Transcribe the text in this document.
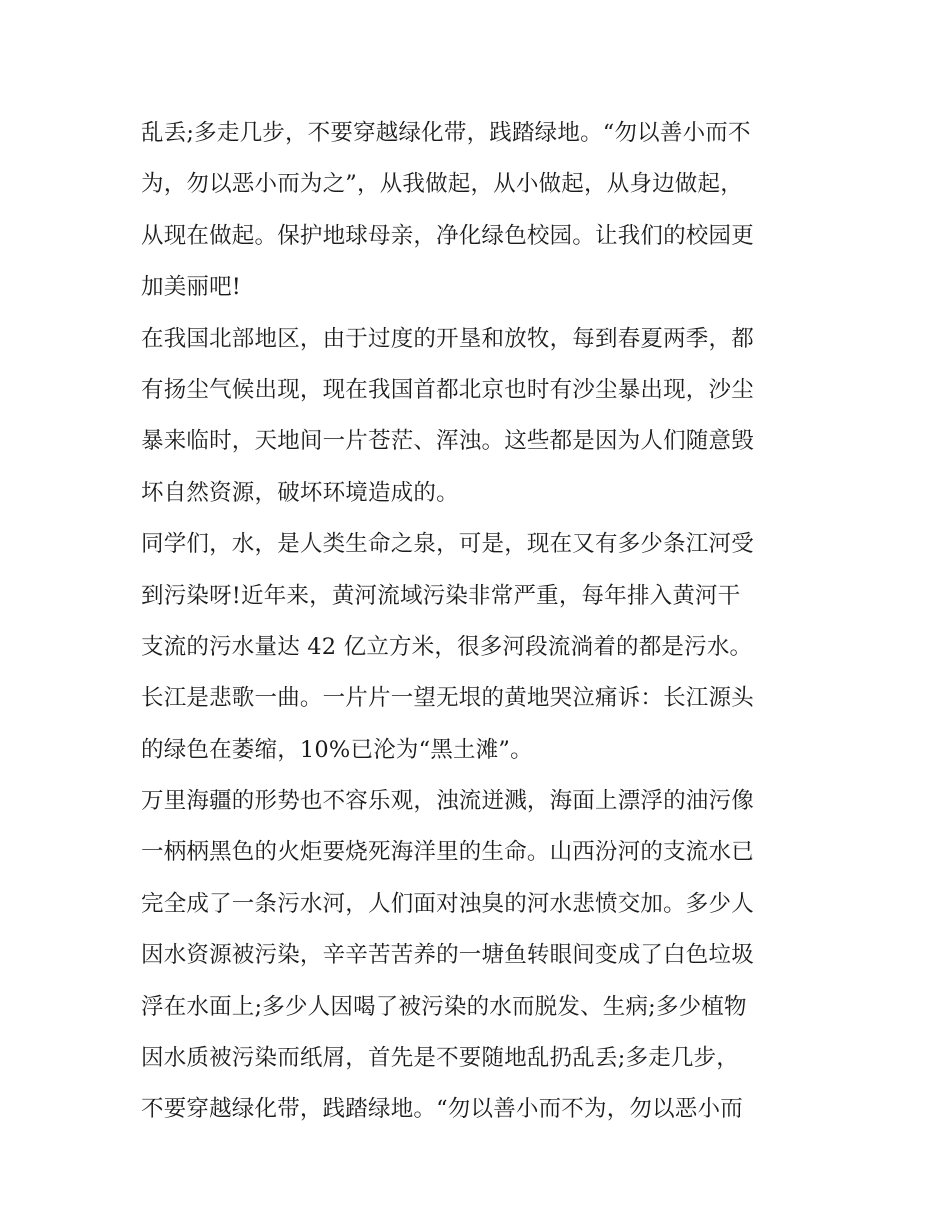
乱丢;多走几步，不要穿越绿化带，践踏绿地。“勿以善小而不
为，勿以恶小而为之”，从我做起，从小做起，从身边做起，
从现在做起。保护地球母亲，净化绿色校园。让我们的校园更
加美丽吧!
在我国北部地区，由于过度的开垦和放牧，每到春夏两季，都
有扬尘气候出现，现在我国首都北京也时有沙尘暴出现，沙尘
暴来临时，天地间一片苍茫、浑浊。这些都是因为人们随意毁
坏自然资源，破坏环境造成的。
同学们，水，是人类生命之泉，可是，现在又有多少条江河受
到污染呀!近年来，黄河流域污染非常严重，每年排入黄河干
支流的污水量达 42 亿立方米，很多河段流淌着的都是污水。
长江是悲歌一曲。一片片一望无垠的黄地哭泣痛诉：长江源头
的绿色在萎缩，10%已沦为“黑土滩”。
万里海疆的形势也不容乐观，浊流迸溅，海面上漂浮的油污像
一柄柄黑色的火炬要烧死海洋里的生命。山西汾河的支流水已
完全成了一条污水河，人们面对浊臭的河水悲愤交加。多少人
因水资源被污染，辛辛苦苦养的一塘鱼转眼间变成了白色垃圾
浮在水面上;多少人因喝了被污染的水而脱发、生病;多少植物
因水质被污染而纸屑，首先是不要随地乱扔乱丢;多走几步，
不要穿越绿化带，践踏绿地。“勿以善小而不为，勿以恶小而
